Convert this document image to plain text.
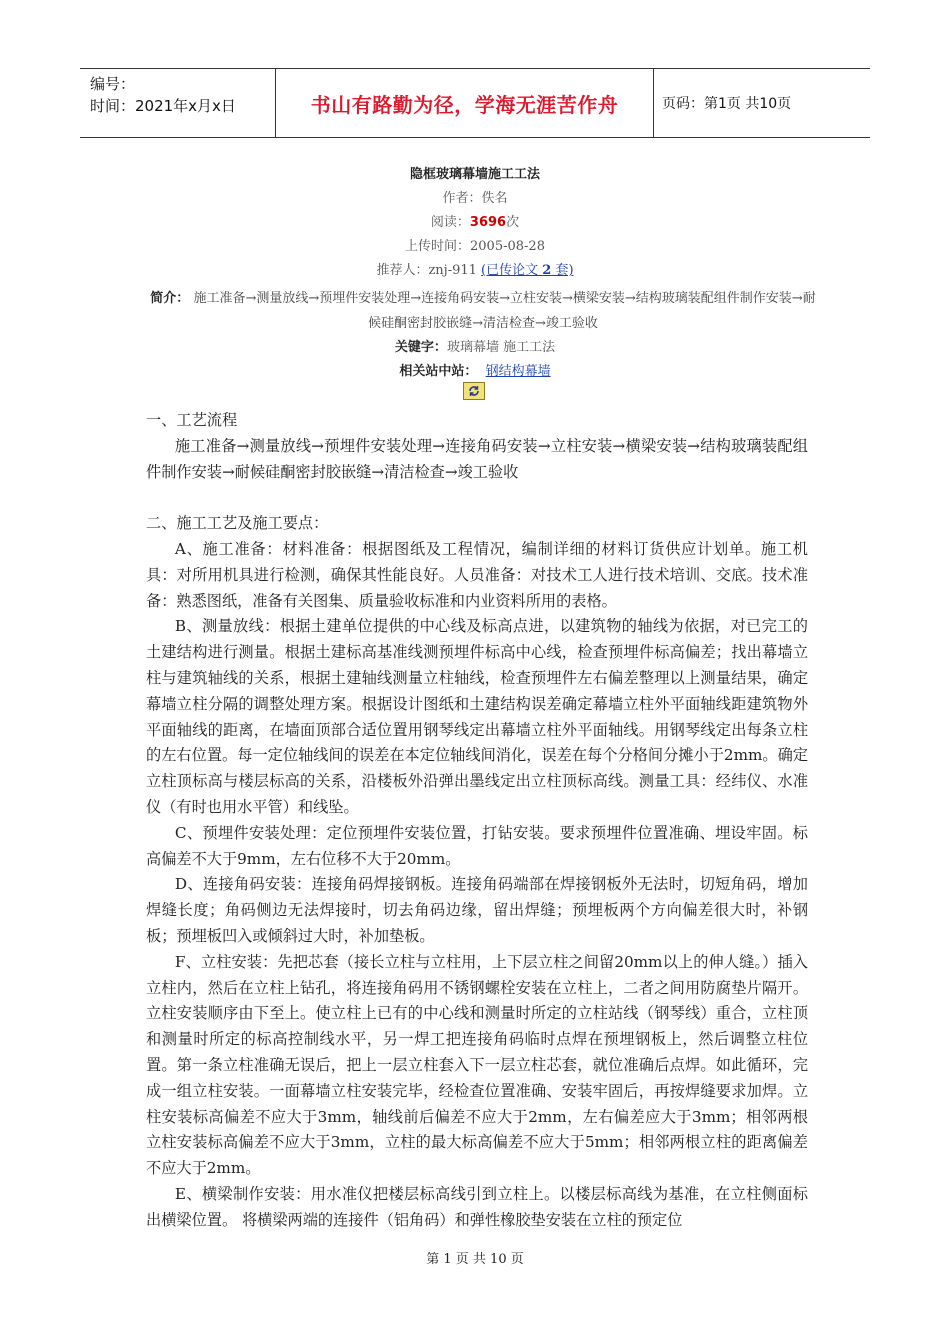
编号：
时间：2021年x月x日	书山有路勤为径，学海无涯苦作舟	页码：第1页 共10页
隐框玻璃幕墙施工工法
作者：佚名
阅读：3696次
上传时间：2005-08-28
推荐人：znj-911 (已传论文 2 套)
简介： 施工准备→测量放线→预埋件安装处理→连接角码安装→立柱安装→横梁安装→结构玻璃装配组件制作安装→耐候硅酮密封胶嵌缝→清洁检查→竣工验收
关键字：玻璃幕墙 施工工法
相关站中站： 钢结构幕墙

一、工艺流程

施工准备→测量放线→预埋件安装处理→连接角码安装→立柱安装→横梁安装→结构玻璃装配组件制作安装→耐候硅酮密封胶嵌缝→清洁检查→竣工验收

二、施工工艺及施工要点：

A、施工准备：材料准备：根据图纸及工程情况，编制详细的材料订货供应计划单。施工机具：对所用机具进行检测，确保其性能良好。人员准备：对技术工人进行技术培训、交底。技术准备：熟悉图纸，准备有关图集、质量验收标准和内业资料所用的表格。

B、测量放线：根据土建单位提供的中心线及标高点进，以建筑物的轴线为依据，对已完工的土建结构进行测量。根据土建标高基准线测预埋件标高中心线，检查预埋件标高偏差；找出幕墙立柱与建筑轴线的关系，根据土建轴线测量立柱轴线，检查预埋件左右偏差整理以上测量结果，确定幕墙立柱分隔的调整处理方案。根据设计图纸和土建结构误差确定幕墙立柱外平面轴线距建筑物外平面轴线的距离，在墙面顶部合适位置用钢琴线定出幕墙立柱外平面轴线。用钢琴线定出每条立柱的左右位置。每一定位轴线间的误差在本定位轴线间消化，误差在每个分格间分摊小于2mm。确定立柱顶标高与楼层标高的关系，沿楼板外沿弹出墨线定出立柱顶标高线。测量工具：经纬仪、水准仪（有时也用水平管）和线坠。

C、预埋件安装处理：定位预埋件安装位置，打钻安装。要求预埋件位置准确、埋设牢固。标高偏差不大于9mm，左右位移不大于20mm。

D、连接角码安装：连接角码焊接钢板。连接角码端部在焊接钢板外无法时，切短角码，增加焊缝长度；角码侧边无法焊接时，切去角码边缘，留出焊缝；预埋板两个方向偏差很大时，补钢板；预埋板凹入或倾斜过大时，补加垫板。

F、立柱安装：先把芯套（接长立柱与立柱用，上下层立柱之间留20mm以上的伸人缝。）插入立柱内，然后在立柱上钻孔，将连接角码用不锈钢螺栓安装在立柱上，二者之间用防腐垫片隔开。立柱安装顺序由下至上。使立柱上已有的中心线和测量时所定的立柱站线（钢琴线）重合，立柱顶和测量时所定的标高控制线水平，另一焊工把连接角码临时点焊在预埋钢板上，然后调整立柱位置。第一条立柱准确无误后，把上一层立柱套入下一层立柱芯套，就位准确后点焊。如此循环，完成一组立柱安装。一面幕墙立柱安装完毕，经检查位置准确、安装牢固后，再按焊缝要求加焊。立柱安装标高偏差不应大于3mm，轴线前后偏差不应大于2mm，左右偏差应大于3mm；相邻两根立柱安装标高偏差不应大于3mm，立柱的最大标高偏差不应大于5mm；相邻两根立柱的距离偏差不应大于2mm。

E、横梁制作安装：用水准仪把楼层标高线引到立柱上。以楼层标高线为基准，在立柱侧面标出横梁位置。 将横梁两端的连接件（铝角码）和弹性橡胶垫安装在立柱的预定位

第 1 页 共 10 页
